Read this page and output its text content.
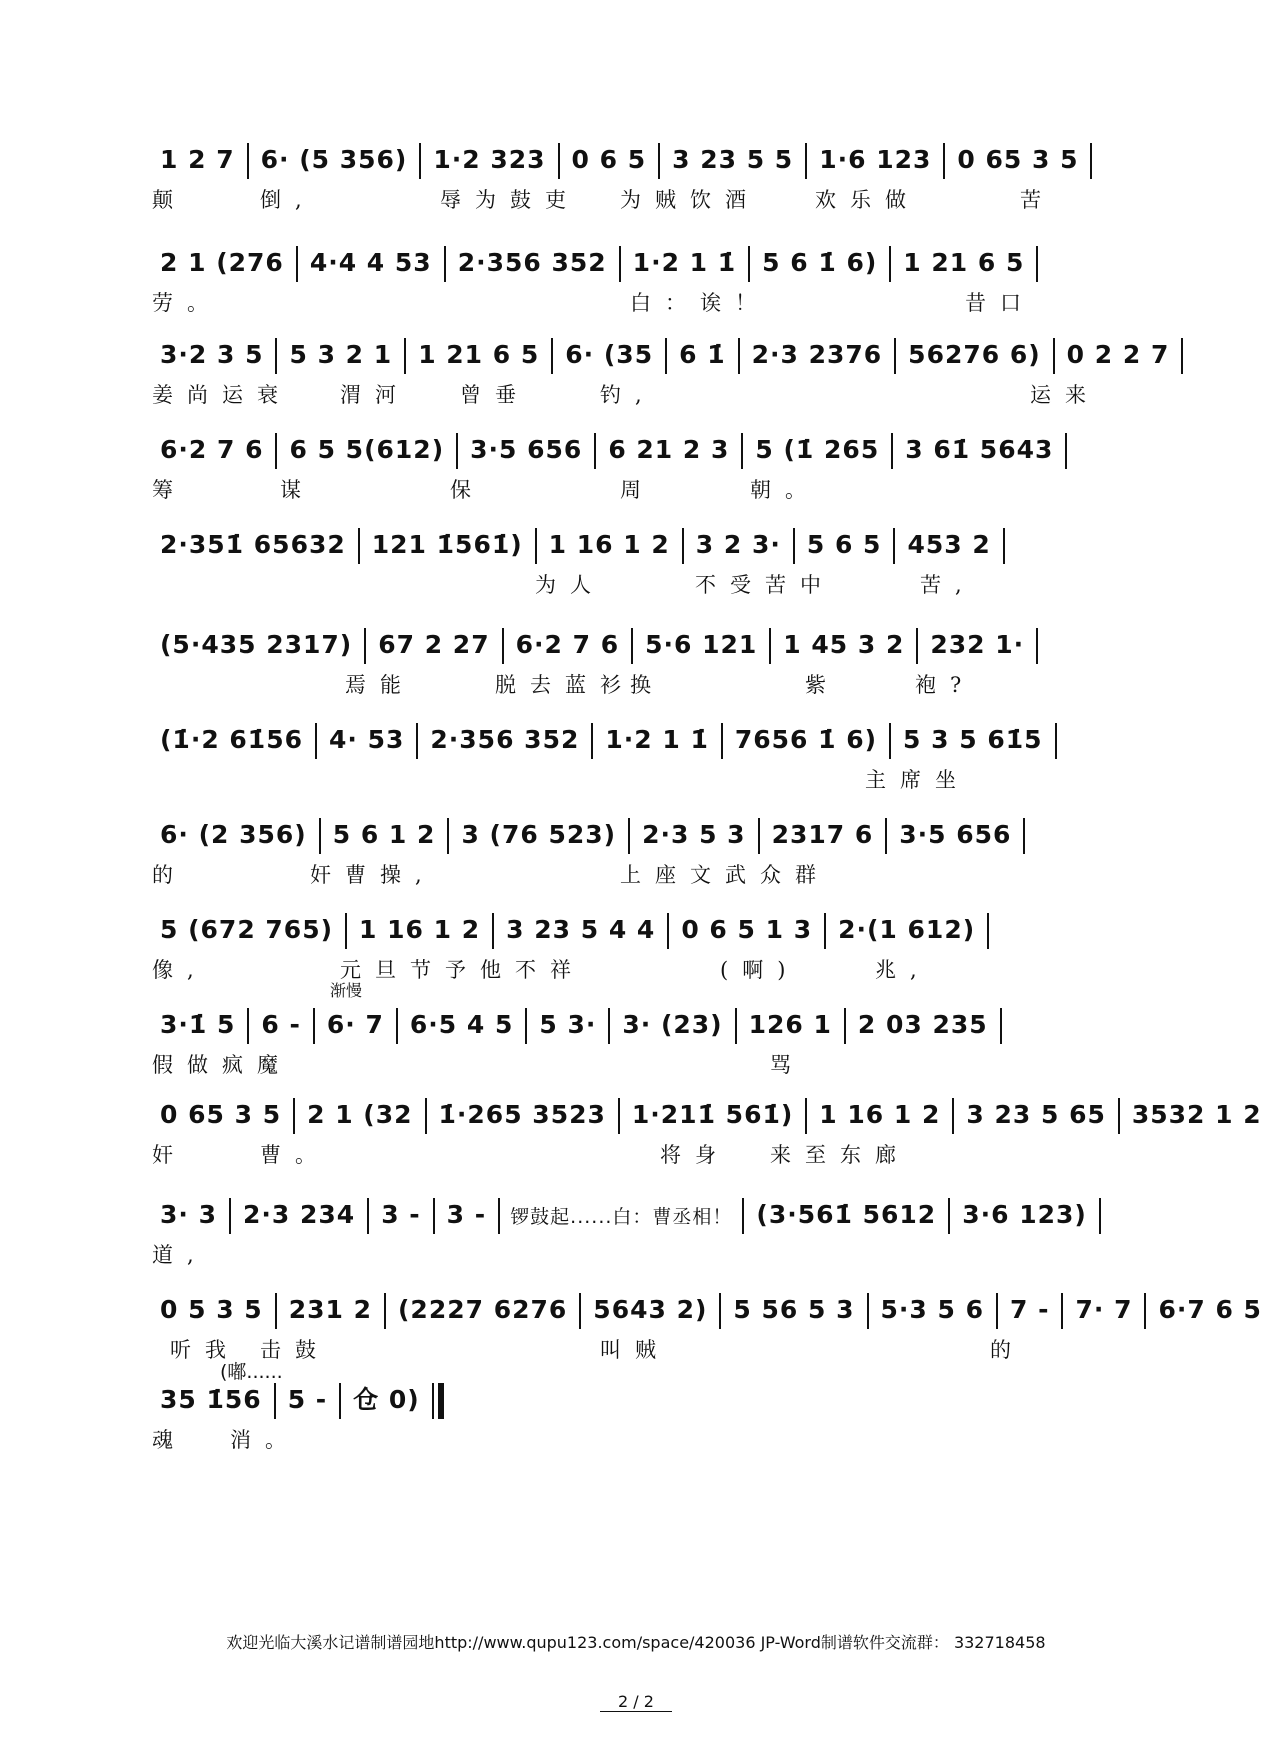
1 2 7 6· (5 356) 1·2 323 0 6 5 3 23 5 5 1·6 123 0 65 3 5
颠	倒,	辱为鼓吏 为贼饮酒	欢乐做	苦
2 1 (276 4·4 4 53 2·356 352 1·2 1 1̇ 5 6 1̇ 6) 1 21 6 5
劳。	白：诶！	昔口
3·2 3 5 5 3 2 1 1 21 6 5 6· (35 6 1̇ 2·3 2376 56276 6) 0 2 2 7
姜尚运衰 渭河 曾垂	钓,	运来
6·2 7 6 6 5 5(612) 3·5 656 6 21 2 3 5 (1̇ 265 3 61̇ 5643
筹	谋	保	周	朝。
2·351̇ 65632 121 1̇561̇) 1 16 1 2 3 2 3· 5 6 5 453 2
为人	不受苦中	苦,
(5·435 2317) 67 2 27 6·2 7 6 5·6 121 1 45 3 2 232 1·
焉能	脱去蓝衫
换	紫	袍?
(1̇·2 61̇56 4· 53 2·356 352 1·2 1 1̇ 7656 1̇ 6) 5 3 5 61̇5
主席坐
6· (2 356) 5 6 1 2 3 (76 523) 2·3 5 3 2317 6 3·5 656
的	奸曹操,	上座文武众群
5 (672 765) 1 16 1 2 3 23 5 4 4 0 6 5 1 3 2·(1 612)
像,	元旦节予他不祥	(啊)	兆,
渐慢
3·1̇ 5 6 - 6· 7 6·5 4 5 5 3· 3· (23) 126 1 2 03 235
假做疯魔	骂
0 65 3 5 2 1 (32 1̇·265 3523 1·211̇ 561̇) 1 16 1 2 3 23 5 65 3532 1 2
奸	曹。	将身 来至东廊
3· 3 2·3 234 3 - 3 - 锣鼓起......白：曹丞相！ (3·561̇ 5612 3·6 123)
道,
0 5 3 5 231 2 (2227 6276 5643 2) 5 56 5 3 5·3 5 6 7 - 7· 7 6·7 6 5
听我 击鼓	叫贼	的
(嘟......
35 1̇56 5 - 仓 0)
魂 消。
欢迎光临大溪水记谱制谱园地http://www.qupu123.com/space/420036 JP-Word制谱软件交流群： 332718458
2 / 2
